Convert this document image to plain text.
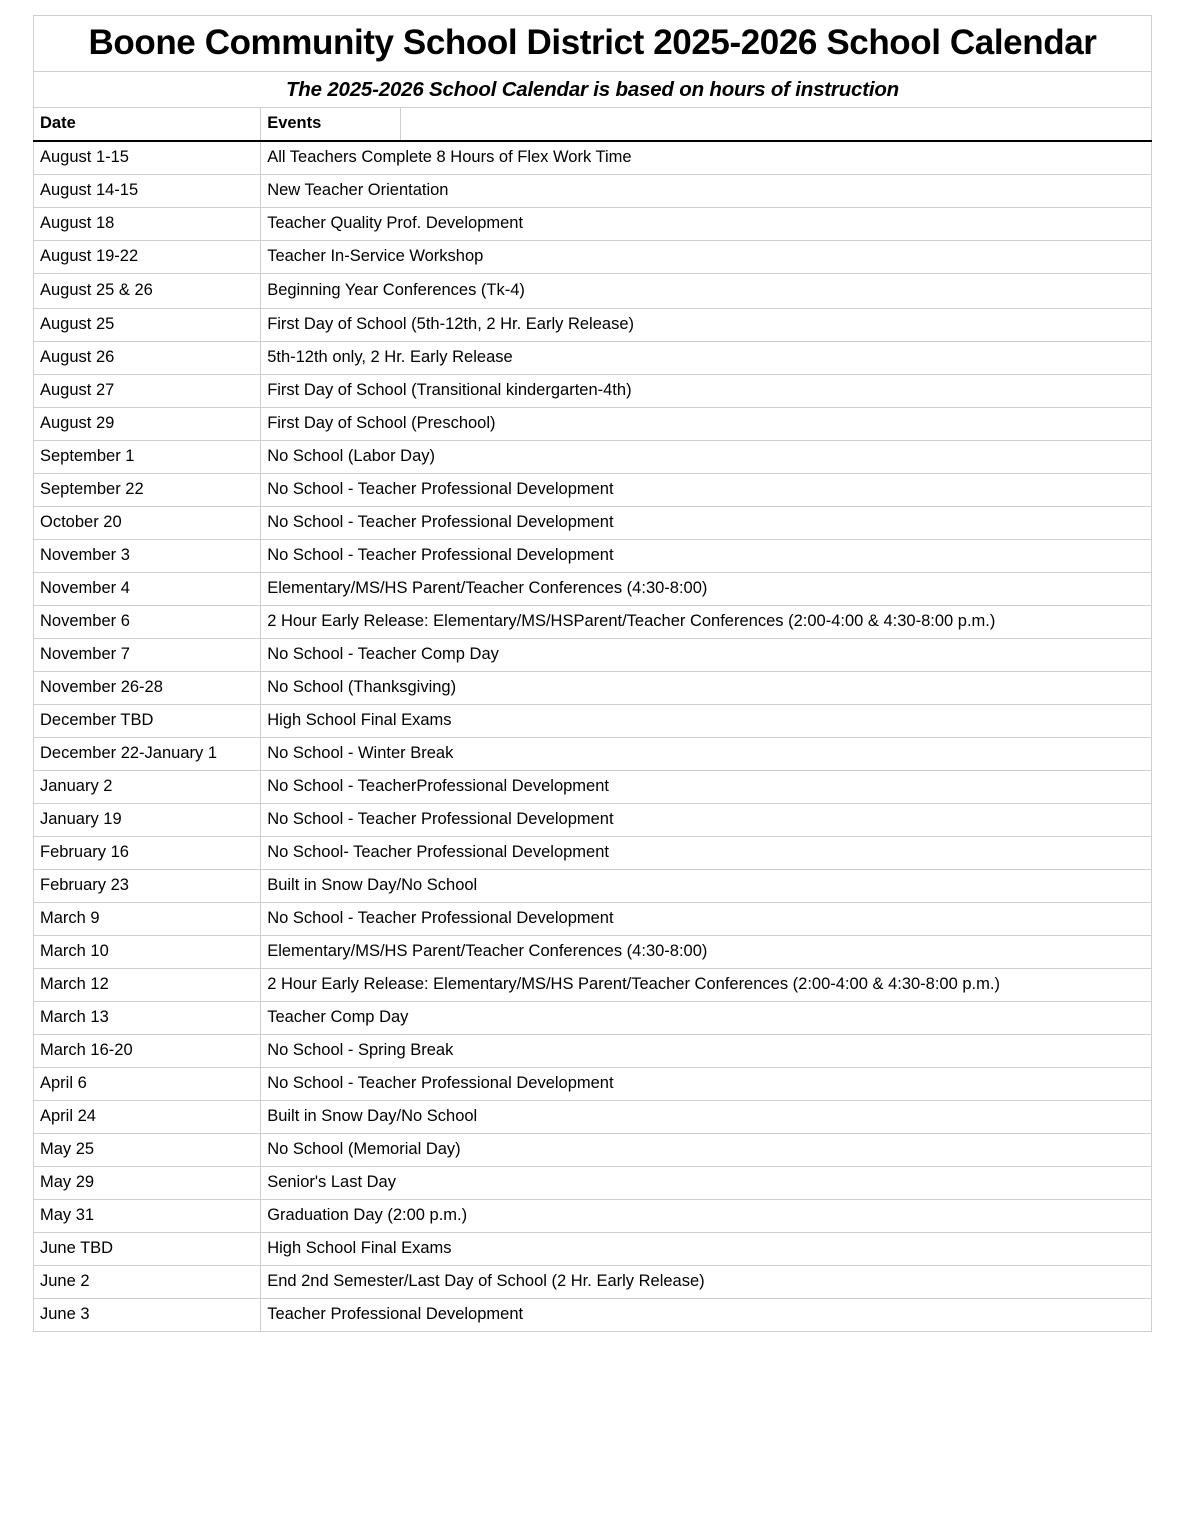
Boone Community School District 2025-2026 School Calendar		
The 2025-2026 School Calendar is based on hours of instruction		
Date	Events	
August 1-15	All Teachers Complete 8 Hours of Flex Work Time	
August 14-15	New Teacher Orientation	
August 18	Teacher Quality Prof. Development	
August 19-22	Teacher In-Service Workshop	
August 25 & 26	Beginning Year Conferences (Tk-4)	
August 25	First Day of School (5th-12th, 2 Hr. Early Release)	
August 26	5th-12th only, 2 Hr. Early Release	
August 27	First Day of School (Transitional kindergarten-4th)	
August 29	First Day of School (Preschool)	
September 1	No School (Labor Day)	
September 22	No School - Teacher Professional Development	
October 20	No School - Teacher Professional Development	
November 3	No School - Teacher Professional Development	
November 4	Elementary/MS/HS Parent/Teacher Conferences (4:30-8:00)	
November 6	2 Hour Early Release: Elementary/MS/HSParent/Teacher Conferences (2:00-4:00 & 4:30-8:00 p.m.)	
November 7	No School - Teacher Comp Day	
November 26-28	No School (Thanksgiving)	
December TBD	High School Final Exams	
December 22-January 1	No School - Winter Break	
January 2	No School - TeacherProfessional Development	
January 19	No School - Teacher Professional Development	
February 16	No School- Teacher Professional Development	
February 23	Built in Snow Day/No School	
March 9	No School - Teacher Professional Development	
March 10	Elementary/MS/HS Parent/Teacher Conferences (4:30-8:00)	
March 12	2 Hour Early Release: Elementary/MS/HS Parent/Teacher Conferences (2:00-4:00 & 4:30-8:00 p.m.)	
March 13	Teacher Comp Day	
March 16-20	No School - Spring Break	
April 6	No School - Teacher Professional Development	
April 24	Built in Snow Day/No School	
May 25	No School (Memorial Day)	
May 29	Senior's Last Day	
May 31	Graduation Day (2:00 p.m.)	
June TBD	High School Final Exams	
June 2	End 2nd Semester/Last Day of School (2 Hr. Early Release)	
June 3	Teacher Professional Development	
